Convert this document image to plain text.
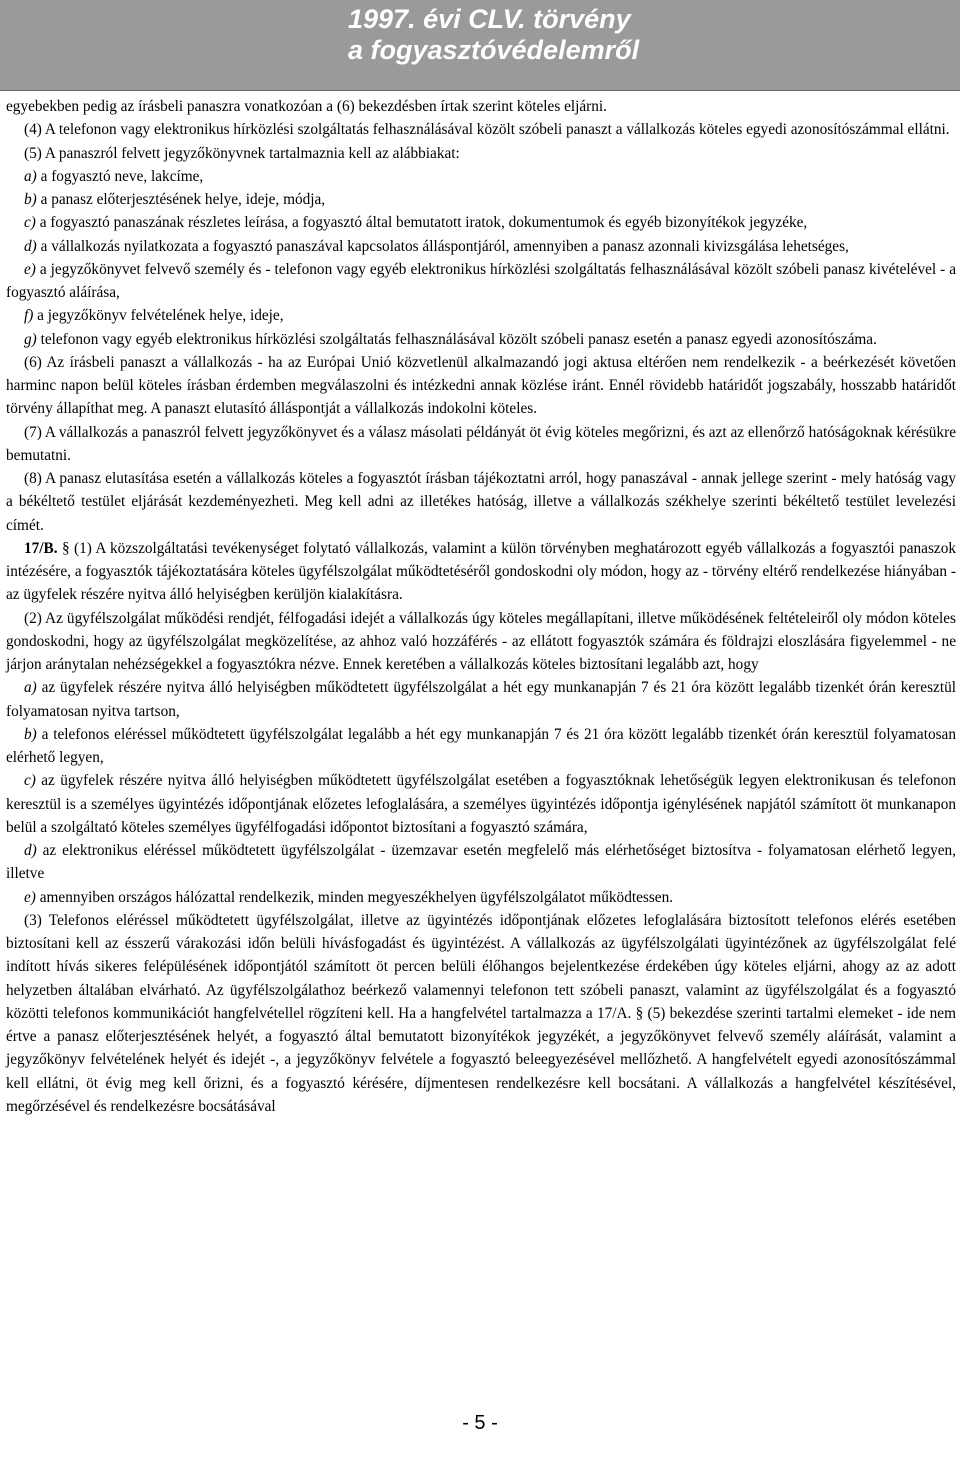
1997. évi CLV. törvény
a fogyasztóvédelemről

egyebekben pedig az írásbeli panaszra vonatkozóan a (6) bekezdésben írtak szerint köteles eljárni.

(4) A telefonon vagy elektronikus hírközlési szolgáltatás felhasználásával közölt szóbeli panaszt a vállalkozás köteles egyedi azonosítószámmal ellátni.

(5) A panaszról felvett jegyzőkönyvnek tartalmaznia kell az alábbiakat:

a) a fogyasztó neve, lakcíme,

b) a panasz előterjesztésének helye, ideje, módja,

c) a fogyasztó panaszának részletes leírása, a fogyasztó által bemutatott iratok, dokumentumok és egyéb bizonyítékok jegyzéke,

d) a vállalkozás nyilatkozata a fogyasztó panaszával kapcsolatos álláspontjáról, amennyiben a panasz azonnali kivizsgálása lehetséges,

e) a jegyzőkönyvet felvevő személy és - telefonon vagy egyéb elektronikus hírközlési szolgáltatás felhasználásával közölt szóbeli panasz kivételével - a fogyasztó aláírása,

f) a jegyzőkönyv felvételének helye, ideje,

g) telefonon vagy egyéb elektronikus hírközlési szolgáltatás felhasználásával közölt szóbeli panasz esetén a panasz egyedi azonosítószáma.

(6) Az írásbeli panaszt a vállalkozás - ha az Európai Unió közvetlenül alkalmazandó jogi aktusa eltérően nem rendelkezik - a beérkezését követően harminc napon belül köteles írásban érdemben megválaszolni és intézkedni annak közlése iránt. Ennél rövidebb határidőt jogszabály, hosszabb határidőt törvény állapíthat meg. A panaszt elutasító álláspontját a vállalkozás indokolni köteles.

(7) A vállalkozás a panaszról felvett jegyzőkönyvet és a válasz másolati példányát öt évig köteles megőrizni, és azt az ellenőrző hatóságoknak kérésükre bemutatni.

(8) A panasz elutasítása esetén a vállalkozás köteles a fogyasztót írásban tájékoztatni arról, hogy panaszával - annak jellege szerint - mely hatóság vagy a békéltető testület eljárását kezdeményezheti. Meg kell adni az illetékes hatóság, illetve a vállalkozás székhelye szerinti békéltető testület levelezési címét.

17/B. § (1) A közszolgáltatási tevékenységet folytató vállalkozás, valamint a külön törvényben meghatározott egyéb vállalkozás a fogyasztói panaszok intézésére, a fogyasztók tájékoztatására köteles ügyfélszolgálat működtetéséről gondoskodni oly módon, hogy az - törvény eltérő rendelkezése hiányában - az ügyfelek részére nyitva álló helyiségben kerüljön kialakításra.

(2) Az ügyfélszolgálat működési rendjét, félfogadási idejét a vállalkozás úgy köteles megállapítani, illetve működésének feltételeiről oly módon köteles gondoskodni, hogy az ügyfélszolgálat megközelítése, az ahhoz való hozzáférés - az ellátott fogyasztók számára és földrajzi eloszlására figyelemmel - ne járjon aránytalan nehézségekkel a fogyasztókra nézve. Ennek keretében a vállalkozás köteles biztosítani legalább azt, hogy

a) az ügyfelek részére nyitva álló helyiségben működtetett ügyfélszolgálat a hét egy munkanapján 7 és 21 óra között legalább tizenkét órán keresztül folyamatosan nyitva tartson,

b) a telefonos eléréssel működtetett ügyfélszolgálat legalább a hét egy munkanapján 7 és 21 óra között legalább tizenkét órán keresztül folyamatosan elérhető legyen,

c) az ügyfelek részére nyitva álló helyiségben működtetett ügyfélszolgálat esetében a fogyasztóknak lehetőségük legyen elektronikusan és telefonon keresztül is a személyes ügyintézés időpontjának előzetes lefoglalására, a személyes ügyintézés időpontja igénylésének napjától számított öt munkanapon belül a szolgáltató köteles személyes ügyfélfogadási időpontot biztosítani a fogyasztó számára,

d) az elektronikus eléréssel működtetett ügyfélszolgálat - üzemzavar esetén megfelelő más elérhetőséget biztosítva - folyamatosan elérhető legyen, illetve

e) amennyiben országos hálózattal rendelkezik, minden megyeszékhelyen ügyfélszolgálatot működtessen.

(3) Telefonos eléréssel működtetett ügyfélszolgálat, illetve az ügyintézés időpontjának előzetes lefoglalására biztosított telefonos elérés esetében biztosítani kell az ésszerű várakozási időn belüli hívásfogadást és ügyintézést. A vállalkozás az ügyfélszolgálati ügyintézőnek az ügyfélszolgálat felé indított hívás sikeres felépülésének időpontjától számított öt percen belüli élőhangos bejelentkezése érdekében úgy köteles eljárni, ahogy az az adott helyzetben általában elvárható. Az ügyfélszolgálathoz beérkező valamennyi telefonon tett szóbeli panaszt, valamint az ügyfélszolgálat és a fogyasztó közötti telefonos kommunikációt hangfelvétellel rögzíteni kell. Ha a hangfelvétel tartalmazza a 17/A. § (5) bekezdése szerinti tartalmi elemeket - ide nem értve a panasz előterjesztésének helyét, a fogyasztó által bemutatott bizonyítékok jegyzékét, a jegyzőkönyvet felvevő személy aláírását, valamint a jegyzőkönyv felvételének helyét és idejét -, a jegyzőkönyv felvétele a fogyasztó beleegyezésével mellőzhető. A hangfelvételt egyedi azonosítószámmal kell ellátni, öt évig meg kell őrizni, és a fogyasztó kérésére, díjmentesen rendelkezésre kell bocsátani. A vállalkozás a hangfelvétel készítésével, megőrzésével és rendelkezésre bocsátásával

- 5 -
